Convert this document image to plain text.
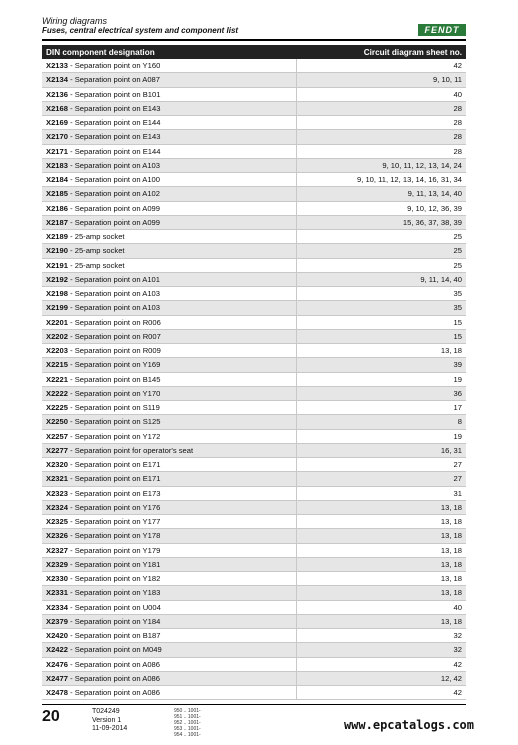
Wiring diagrams
Fuses, central electrical system and component list	FENDT
DIN component designation	Circuit diagram sheet no.
X2133 - Separation point on Y160	42
X2134 - Separation point on A087	9, 10, 11
X2136 - Separation point on B101	40
X2168 - Separation point on E143	28
X2169 - Separation point on E144	28
X2170 - Separation point on E143	28
X2171 - Separation point on E144	28
X2183 - Separation point on A103	9, 10, 11, 12, 13, 14, 24
X2184 - Separation point on A100	9, 10, 11, 12, 13, 14, 16, 31, 34
X2185 - Separation point on A102	9, 11, 13, 14, 40
X2186 - Separation point on A099	9, 10, 12, 36, 39
X2187 - Separation point on A099	15, 36, 37, 38, 39
X2189 - 25-amp socket	25
X2190 - 25-amp socket	25
X2191 - 25-amp socket	25
X2192 - Separation point on A101	9, 11, 14, 40
X2198 - Separation point on A103	35
X2199 - Separation point on A103	35
X2201 - Separation point on R006	15
X2202 - Separation point on R007	15
X2203 - Separation point on R009	13, 18
X2215 - Separation point on Y169	39
X2221 - Separation point on B145	19
X2222 - Separation point on Y170	36
X2225 - Separation point on S119	17
X2250 - Separation point on S125	8
X2257 - Separation point on Y172	19
X2277 - Separation point for operator's seat	16, 31
X2320 - Separation point on E171	27
X2321 - Separation point on E171	27
X2323 - Separation point on E173	31
X2324 - Separation point on Y176	13, 18
X2325 - Separation point on Y177	13, 18
X2326 - Separation point on Y178	13, 18
X2327 - Separation point on Y179	13, 18
X2329 - Separation point on Y181	13, 18
X2330 - Separation point on Y182	13, 18
X2331 - Separation point on Y183	13, 18
X2334 - Separation point on U004	40
X2379 - Separation point on Y184	13, 18
X2420 - Separation point on B187	32
X2422 - Separation point on M049	32
X2476 - Separation point on A086	42
X2477 - Separation point on A086	12, 42
X2478 - Separation point on A086	42
20	T024249
Version 1
11-09-2014
950 .. 1001-
951 .. 1001-
952 .. 1001-
953 .. 1001-
954 .. 1001-
www.epcatalogs.com
